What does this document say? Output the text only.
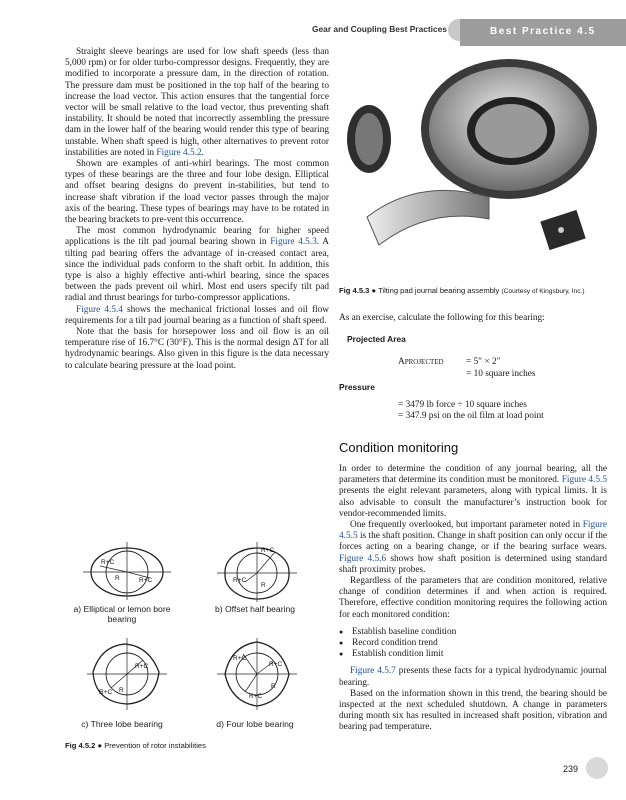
Gear and Coupling Best Practices	Best Practice 4.5

Straight sleeve bearings are used for low shaft speeds (less than 5,000 rpm) or for older turbo-compressor designs. Frequently, they are modified to incorporate a pressure dam, in the direction of rotation. The pressure dam must be positioned in the top half of the bearing to increase the load vector. This action ensures that the tangential force vector will be small relative to the load vector, thus preventing shaft instability. It should be noted that incorrectly assembling the pressure dam in the lower half of the bearing would render this type of bearing unstable. When shaft speed is high, other alternatives to prevent rotor instabilities are noted in Figure 4.5.2.

Shown are examples of anti-whirl bearings. The most common types of these bearings are the three and four lobe design. Elliptical and offset bearing designs do prevent in-stabilities, but tend to increase shaft vibration if the load vector passes through the major axis of the bearing. These types of bearings may have to be rotated in the bearing brackets to pre-vent this occurrence.

The most common hydrodynamic bearing for higher speed applications is the tilt pad journal bearing shown in Figure 4.5.3. A tilting pad bearing offers the advantage of in-creased contact area, since the individual pads conform to the shaft orbit. In addition, this type is also a highly effective anti-whirl bearing, since the spaces between the pads prevent oil whirl. Most end users specify tilt pad radial and thrust bearings for turbo-compressor applications.

Figure 4.5.4 shows the mechanical frictional losses and oil flow requirements for a tilt pad journal bearing as a function of shaft speed.

Note that the basis for horsepower loss and oil flow is an oil temperature rise of 16.7°C (30°F). This is the normal design ΔT for all hydrodynamic bearings. Also given in this figure is the data necessary to calculate bearing pressure at the load point.

R+C
R+C
R
R+C
R+C
R
R+C
R+C R
R+C
R+C
R+C
R
a) Elliptical or lemon bore bearing
b) Offset half bearing
c) Three lobe bearing	d) Four lobe bearing
Fig 4.5.2 ● Prevention of rotor instabilities
Fig 4.5.3 ● Tilting pad journal bearing assembly (Courtesy of Kingsbury, Inc.)
As an exercise, calculate the following for this bearing:
Projected Area
APROJECTED = 5″ × 2″
= 10 square inches
Pressure
= 3479 lb force ÷ 10 square inches
= 347.9 psi on the oil film at load point
Condition monitoring

In order to determine the condition of any journal bearing, all the parameters that determine its condition must be monitored. Figure 4.5.5 presents the eight relevant parameters, along with typical limits. It is also advisable to consult the manufacturer’s instruction book for vendor-recommended limits.

One frequently overlooked, but important parameter noted in Figure 4.5.5 is the shaft position. Change in shaft position can only occur if the forces acting on a bearing change, or if the bearing surface wears. Figure 4.5.6 shows how shaft position is determined using standard shaft proximity probes.

Regardless of the parameters that are condition monitored, relative change of condition determines if and when action is required. Therefore, effective condition monitoring requires the following action for each monitored condition:

● Establish baseline condition
● Record condition trend
● Establish condition limit

Figure 4.5.7 presents these facts for a typical hydrodynamic journal bearing.

Based on the information shown in this trend, the bearing should be inspected at the next scheduled shutdown. A change in parameters during month six has resulted in increased shaft position, vibration and bearing pad temperature.

239
